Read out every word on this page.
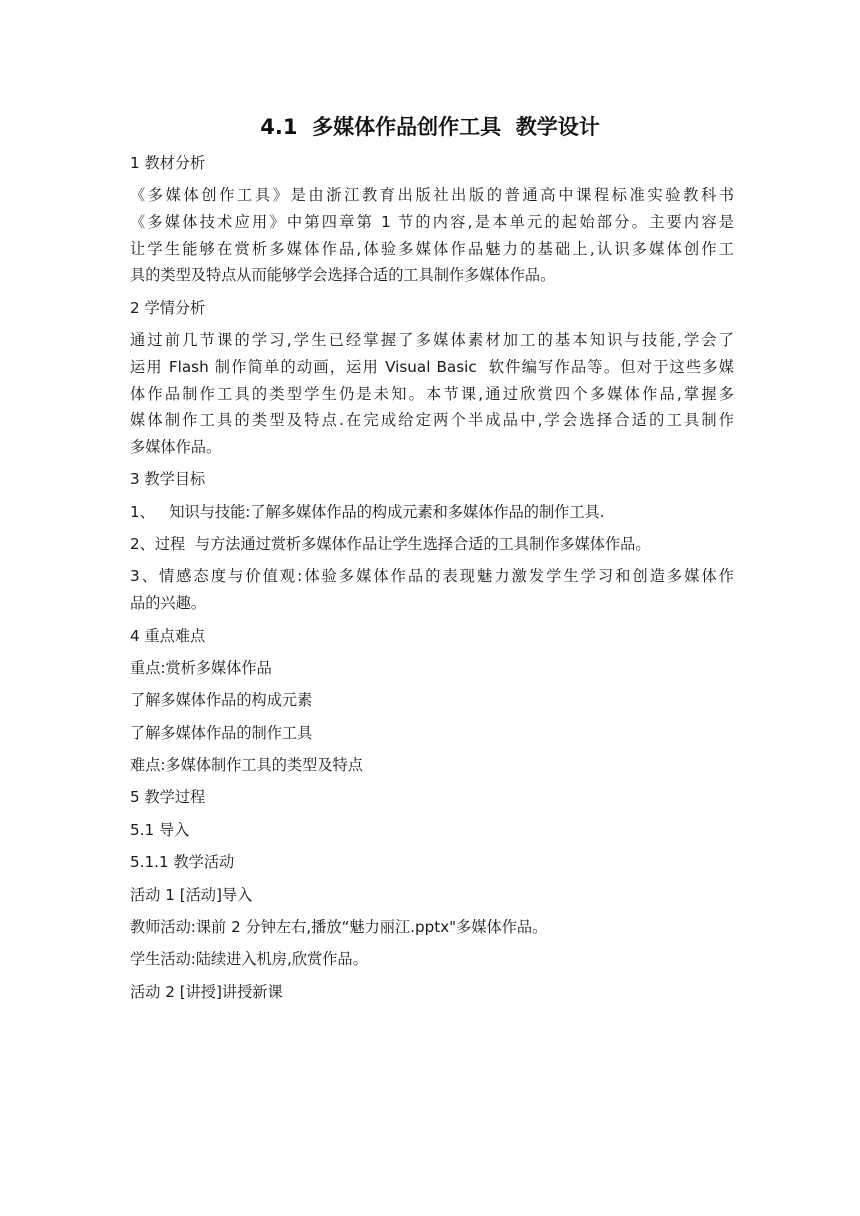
4.1  多媒体作品创作工具  教学设计
1 教材分析
《多媒体创作工具》是由浙江教育出版社出版的普通高中课程标准实验教科书
《多媒体技术应用》中第四章第 1 节的内容,是本单元的起始部分。主要内容是
让学生能够在赏析多媒体作品,体验多媒体作品魅力的基础上,认识多媒体创作工
具的类型及特点从而能够学会选择合适的工具制作多媒体作品。
2 学情分析
通过前几节课的学习,学生已经掌握了多媒体素材加工的基本知识与技能,学会了
运用 Flash 制作简单的动画，运用 Visual Basic  软件编写作品等。但对于这些多媒
体作品制作工具的类型学生仍是未知。本节课,通过欣赏四个多媒体作品,掌握多
媒体制作工具的类型及特点.在完成给定两个半成品中,学会选择合适的工具制作
多媒体作品。
3 教学目标
1、   知识与技能:了解多媒体作品的构成元素和多媒体作品的制作工具.
2、过程  与方法通过赏析多媒体作品让学生选择合适的工具制作多媒体作品。
3、情感态度与价值观:体验多媒体作品的表现魅力激发学生学习和创造多媒体作
品的兴趣。
4 重点难点
重点:赏析多媒体作品
了解多媒体作品的构成元素
了解多媒体作品的制作工具
难点:多媒体制作工具的类型及特点
5 教学过程
5.1 导入
5.1.1 教学活动
活动 1 [活动]导入
教师活动:课前 2 分钟左右,播放“魅力丽江.pptx"多媒体作品。
学生活动:陆续进入机房,欣赏作品。
活动 2 [讲授]讲授新课
